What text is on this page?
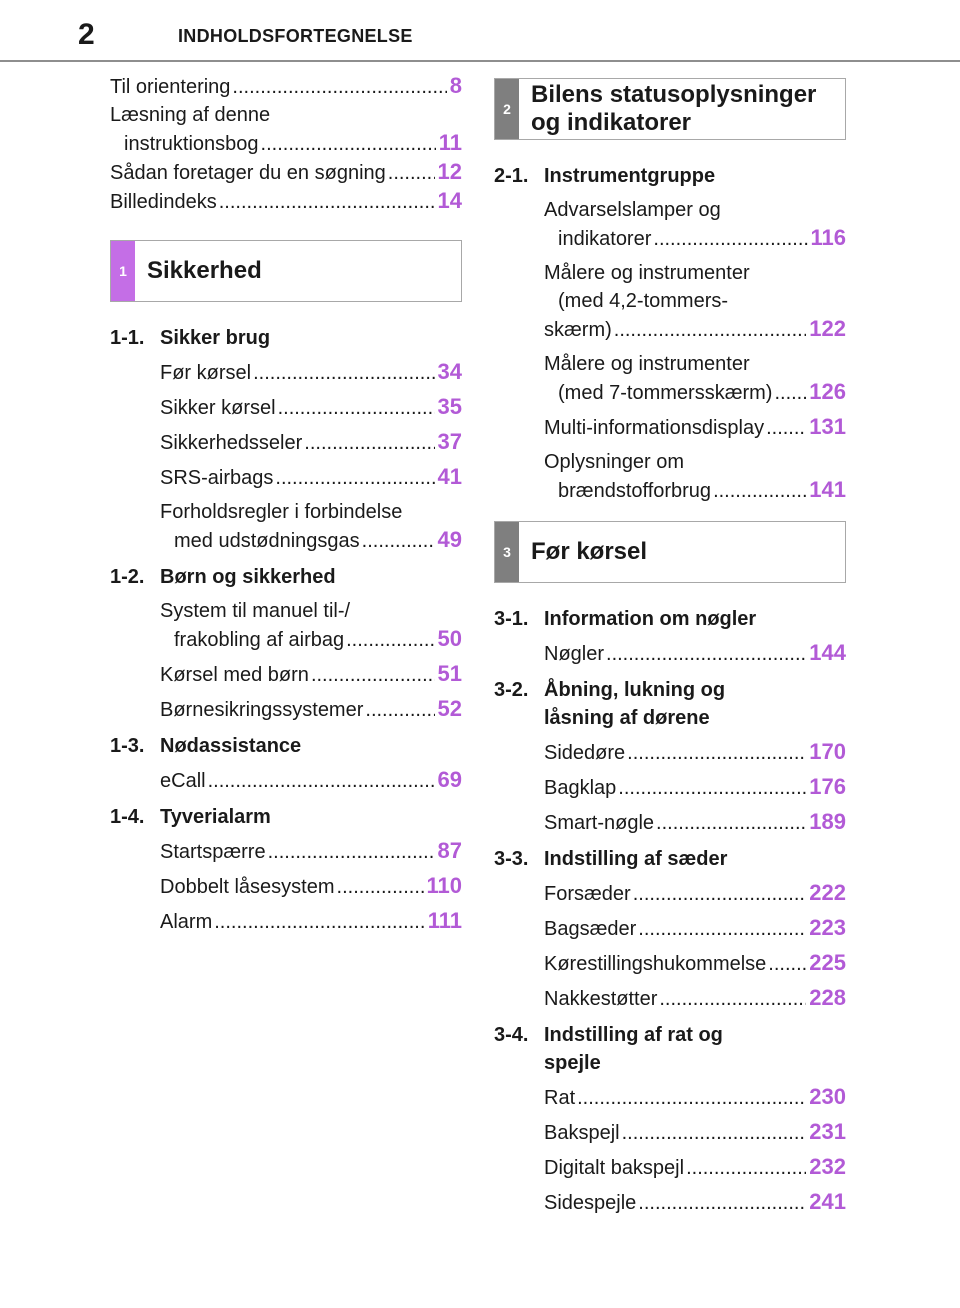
2	INDHOLDSFORTEGNELSE
Til orientering .....	8
Læsning af denne
instruktionsbog .....	11
Sådan foretager du en søgning ..... 12
Billedindeks .....	14
1 Sikkerhed
1-1. Sikker brug
Før kørsel .....	34
Sikker kørsel .....	35
Sikkerhedsseler .....	37
SRS-airbags .....	41
Forholdsregler i forbindelse
med udstødningsgas .....	49
1-2. Børn og sikkerhed
System til manuel til-/
frakobling af airbag .....	50
Kørsel med børn .....	51
Børnesikringssystemer .....	52
1-3. Nødassistance
eCall .....	69
1-4. Tyverialarm
Startspærre .....	87
Dobbelt låsesystem .....	110
Alarm .....	111
2
Bilens statusoplysninger
og indikatorer
2-1. Instrumentgruppe
Advarselslamper og
indikatorer .....	116
Målere og instrumenter
(med 4,2-tommers-
skærm) .....	122
Målere og instrumenter
(med 7-tommersskærm) ..... 126
Multi-informationsdisplay ..... 131
Oplysninger om
brændstofforbrug .....	141
3 Før kørsel
3-1. Information om nøgler
Nøgler .....	144
3-2. Åbning, lukning og
låsning af dørene
Sidedøre .....	170
Bagklap .....	176
Smart-nøgle .....	189
3-3. Indstilling af sæder
Forsæder .....	222
Bagsæder .....	223
Kørestillingshukommelse ..... 225
Nakkestøtter .....	228
3-4. Indstilling af rat og
spejle
Rat .....	230
Bakspejl .....	231
Digitalt bakspejl .....	232
Sidespejle .....	241
